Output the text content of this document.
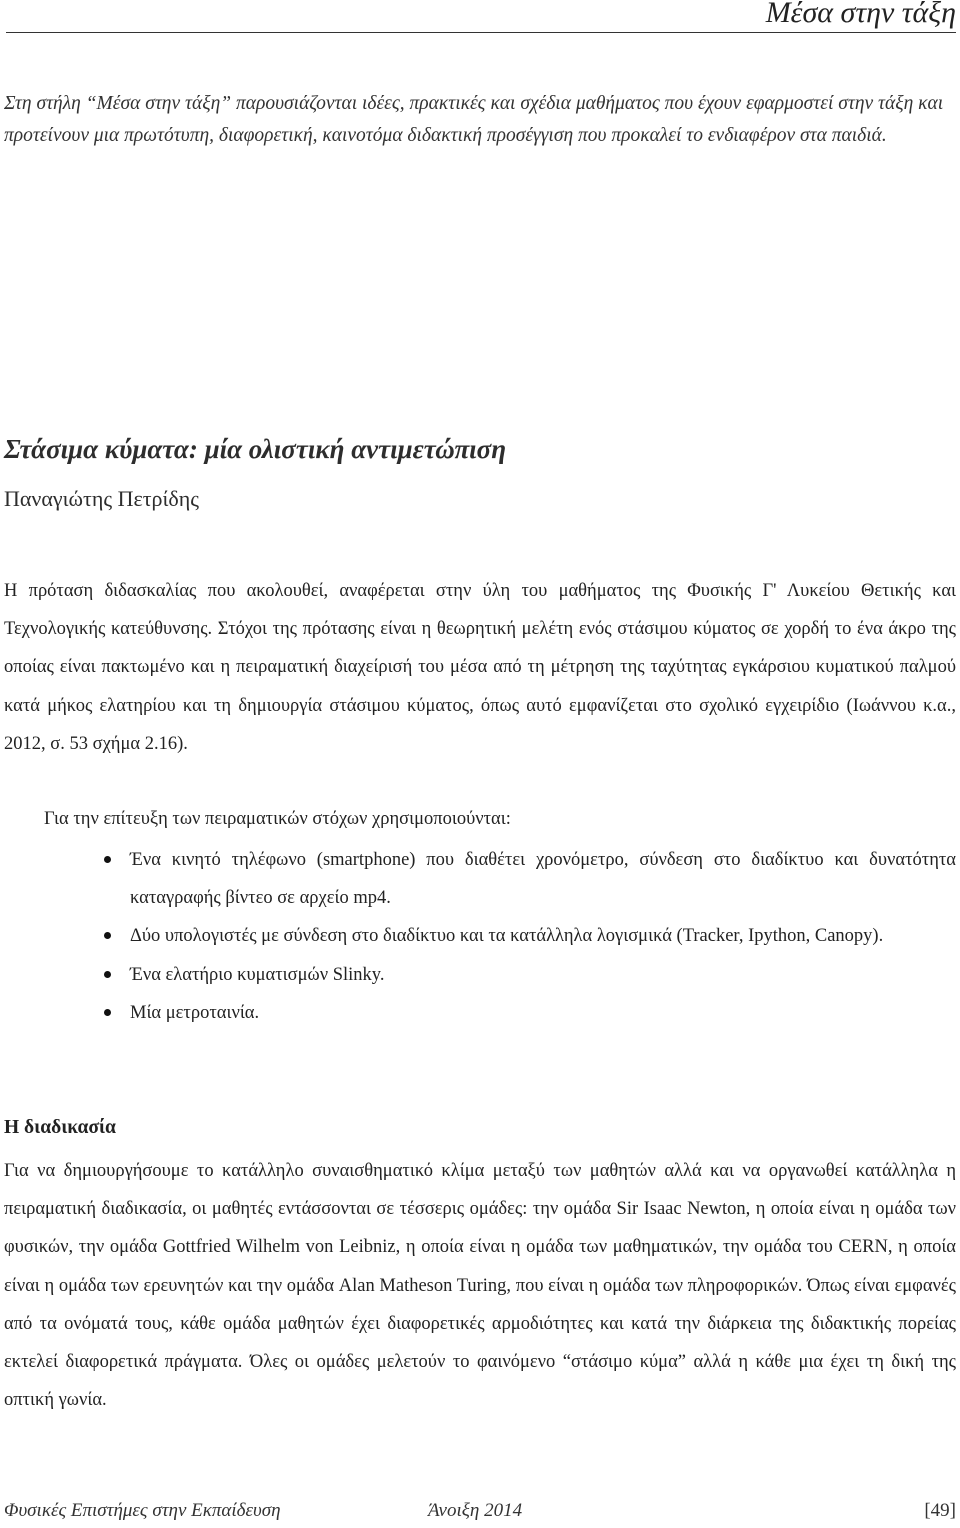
Μέσα στην τάξη
Στη στήλη “Μέσα στην τάξη” παρουσιάζονται ιδέες, πρακτικές και σχέδια μαθήματος που έχουν εφαρμοστεί στην τάξη και προτείνουν μια πρωτότυπη, διαφορετική, καινοτόμα διδακτική προσέγγιση που προκαλεί το ενδιαφέρον στα παιδιά.
Στάσιμα κύματα: μία ολιστική αντιμετώπιση
Παναγιώτης Πετρίδης
Η πρόταση διδασκαλίας που ακολουθεί, αναφέρεται στην ύλη του μαθήματος της Φυσικής Γ' Λυκείου Θετικής και Τεχνολογικής κατεύθυνσης. Στόχοι της πρότασης είναι η θεωρητική μελέτη ενός στάσιμου κύματος σε χορδή το ένα άκρο της οποίας είναι πακτωμένο και η πειραματική διαχείρισή του μέσα από τη μέτρηση της ταχύτητας εγκάρσιου κυματικού παλμού κατά μήκος ελατηρίου και τη δημιουργία στάσιμου κύματος, όπως αυτό εμφανίζεται στο σχολικό εγχειρίδιο (Ιωάννου κ.α., 2012, σ. 53 σχήμα 2.16).
Για την επίτευξη των πειραματικών στόχων χρησιμοποιούνται:
Ένα κινητό τηλέφωνο (smartphone) που διαθέτει χρονόμετρο, σύνδεση στο διαδίκτυο και δυνατότητα καταγραφής βίντεο σε αρχείο mp4.
Δύο υπολογιστές με σύνδεση στο διαδίκτυο και τα κατάλληλα λογισμικά (Tracker, Ipython, Canopy).
Ένα ελατήριο κυματισμών Slinky.
Μία μετροταινία.
Η διαδικασία
Για να δημιουργήσουμε το κατάλληλο συναισθηματικό κλίμα μεταξύ των μαθητών αλλά και να οργανωθεί κατάλληλα η πειραματική διαδικασία, οι μαθητές εντάσσονται σε τέσσερις ομάδες: την ομάδα Sir Isaac Newton, η οποία είναι η ομάδα των φυσικών, την ομάδα Gottfried Wilhelm von Leibniz, η οποία είναι η ομάδα των μαθηματικών, την ομάδα του CERN, η οποία είναι η ομάδα των ερευνητών και την ομάδα Alan Matheson Turing, που είναι η ομάδα των πληροφορικών. Όπως είναι εμφανές από τα ονόματά τους, κάθε ομάδα μαθητών έχει διαφορετικές αρμοδιότητες και κατά την διάρκεια της διδακτικής πορείας εκτελεί διαφορετικά πράγματα. Όλες οι ομάδες μελετούν το φαινόμενο “στάσιμο κύμα” αλλά η κάθε μια έχει τη δική της οπτική γωνία.
Φυσικές Επιστήμες στην Εκπαίδευση	Άνοιξη 2014	[49]
